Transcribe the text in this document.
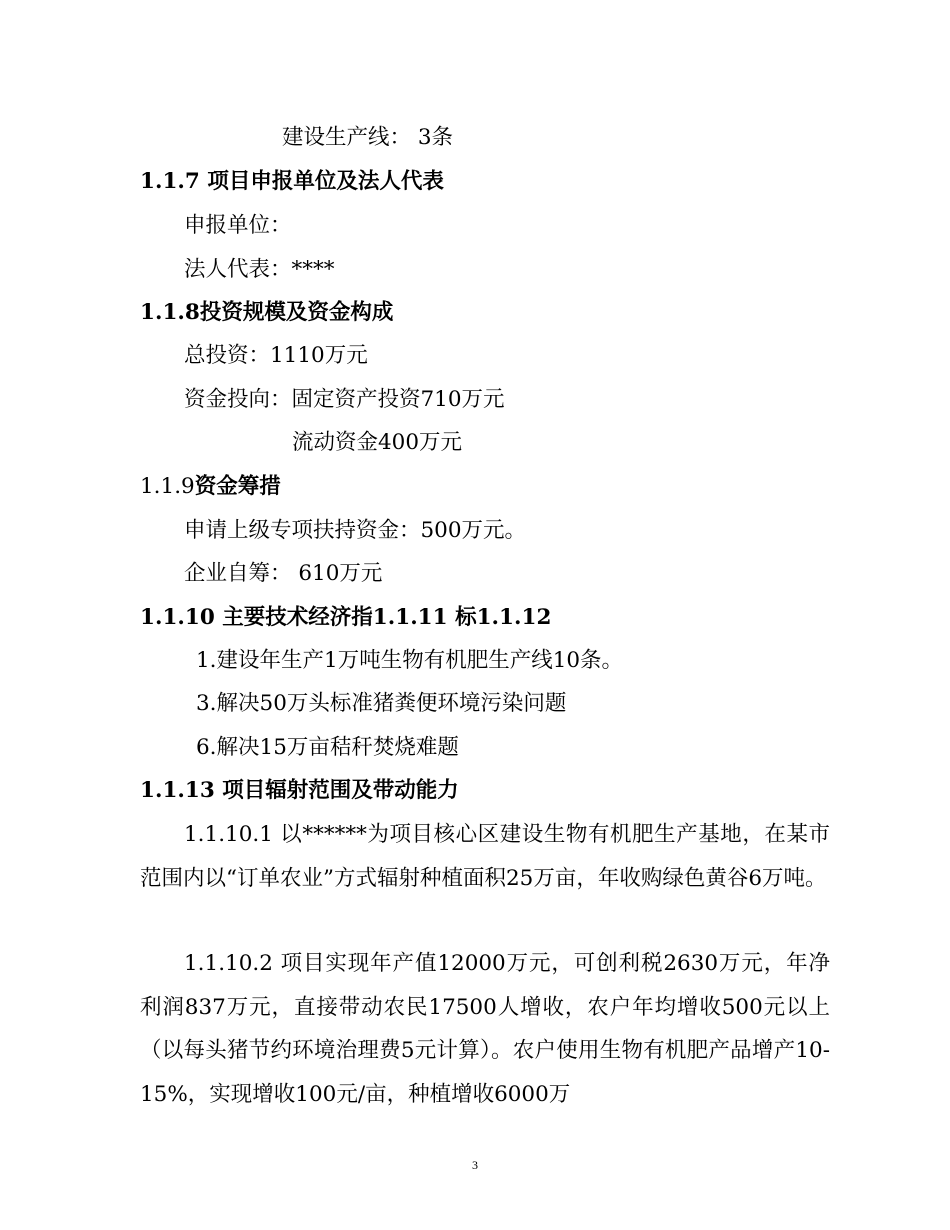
建设生产线： 3条
1.1.7 项目申报单位及法人代表
申报单位：
法人代表：****
1.1.8投资规模及资金构成
总投资：1110万元
资金投向：固定资产投资710万元
流动资金400万元
1.1.9资金筹措
申请上级专项扶持资金：500万元。
企业自筹： 610万元
1.1.10 主要技术经济指1.1.11 标1.1.12
1.建设年生产1万吨生物有机肥生产线10条。
3.解决50万头标准猪粪便环境污染问题
6.解决15万亩秸秆焚烧难题
1.1.13 项目辐射范围及带动能力
1.1.10.1 以******为项目核心区建设生物有机肥生产基地，在某市范围内以“订单农业”方式辐射种植面积25万亩，年收购绿色黄谷6万吨。
1.1.10.2 项目实现年产值12000万元，可创利税2630万元，年净利润837万元，直接带动农民17500人增收，农户年均增收500元以上（以每头猪节约环境治理费5元计算）。农户使用生物有机肥产品增产10-15%，实现增收100元/亩，种植增收6000万
3
